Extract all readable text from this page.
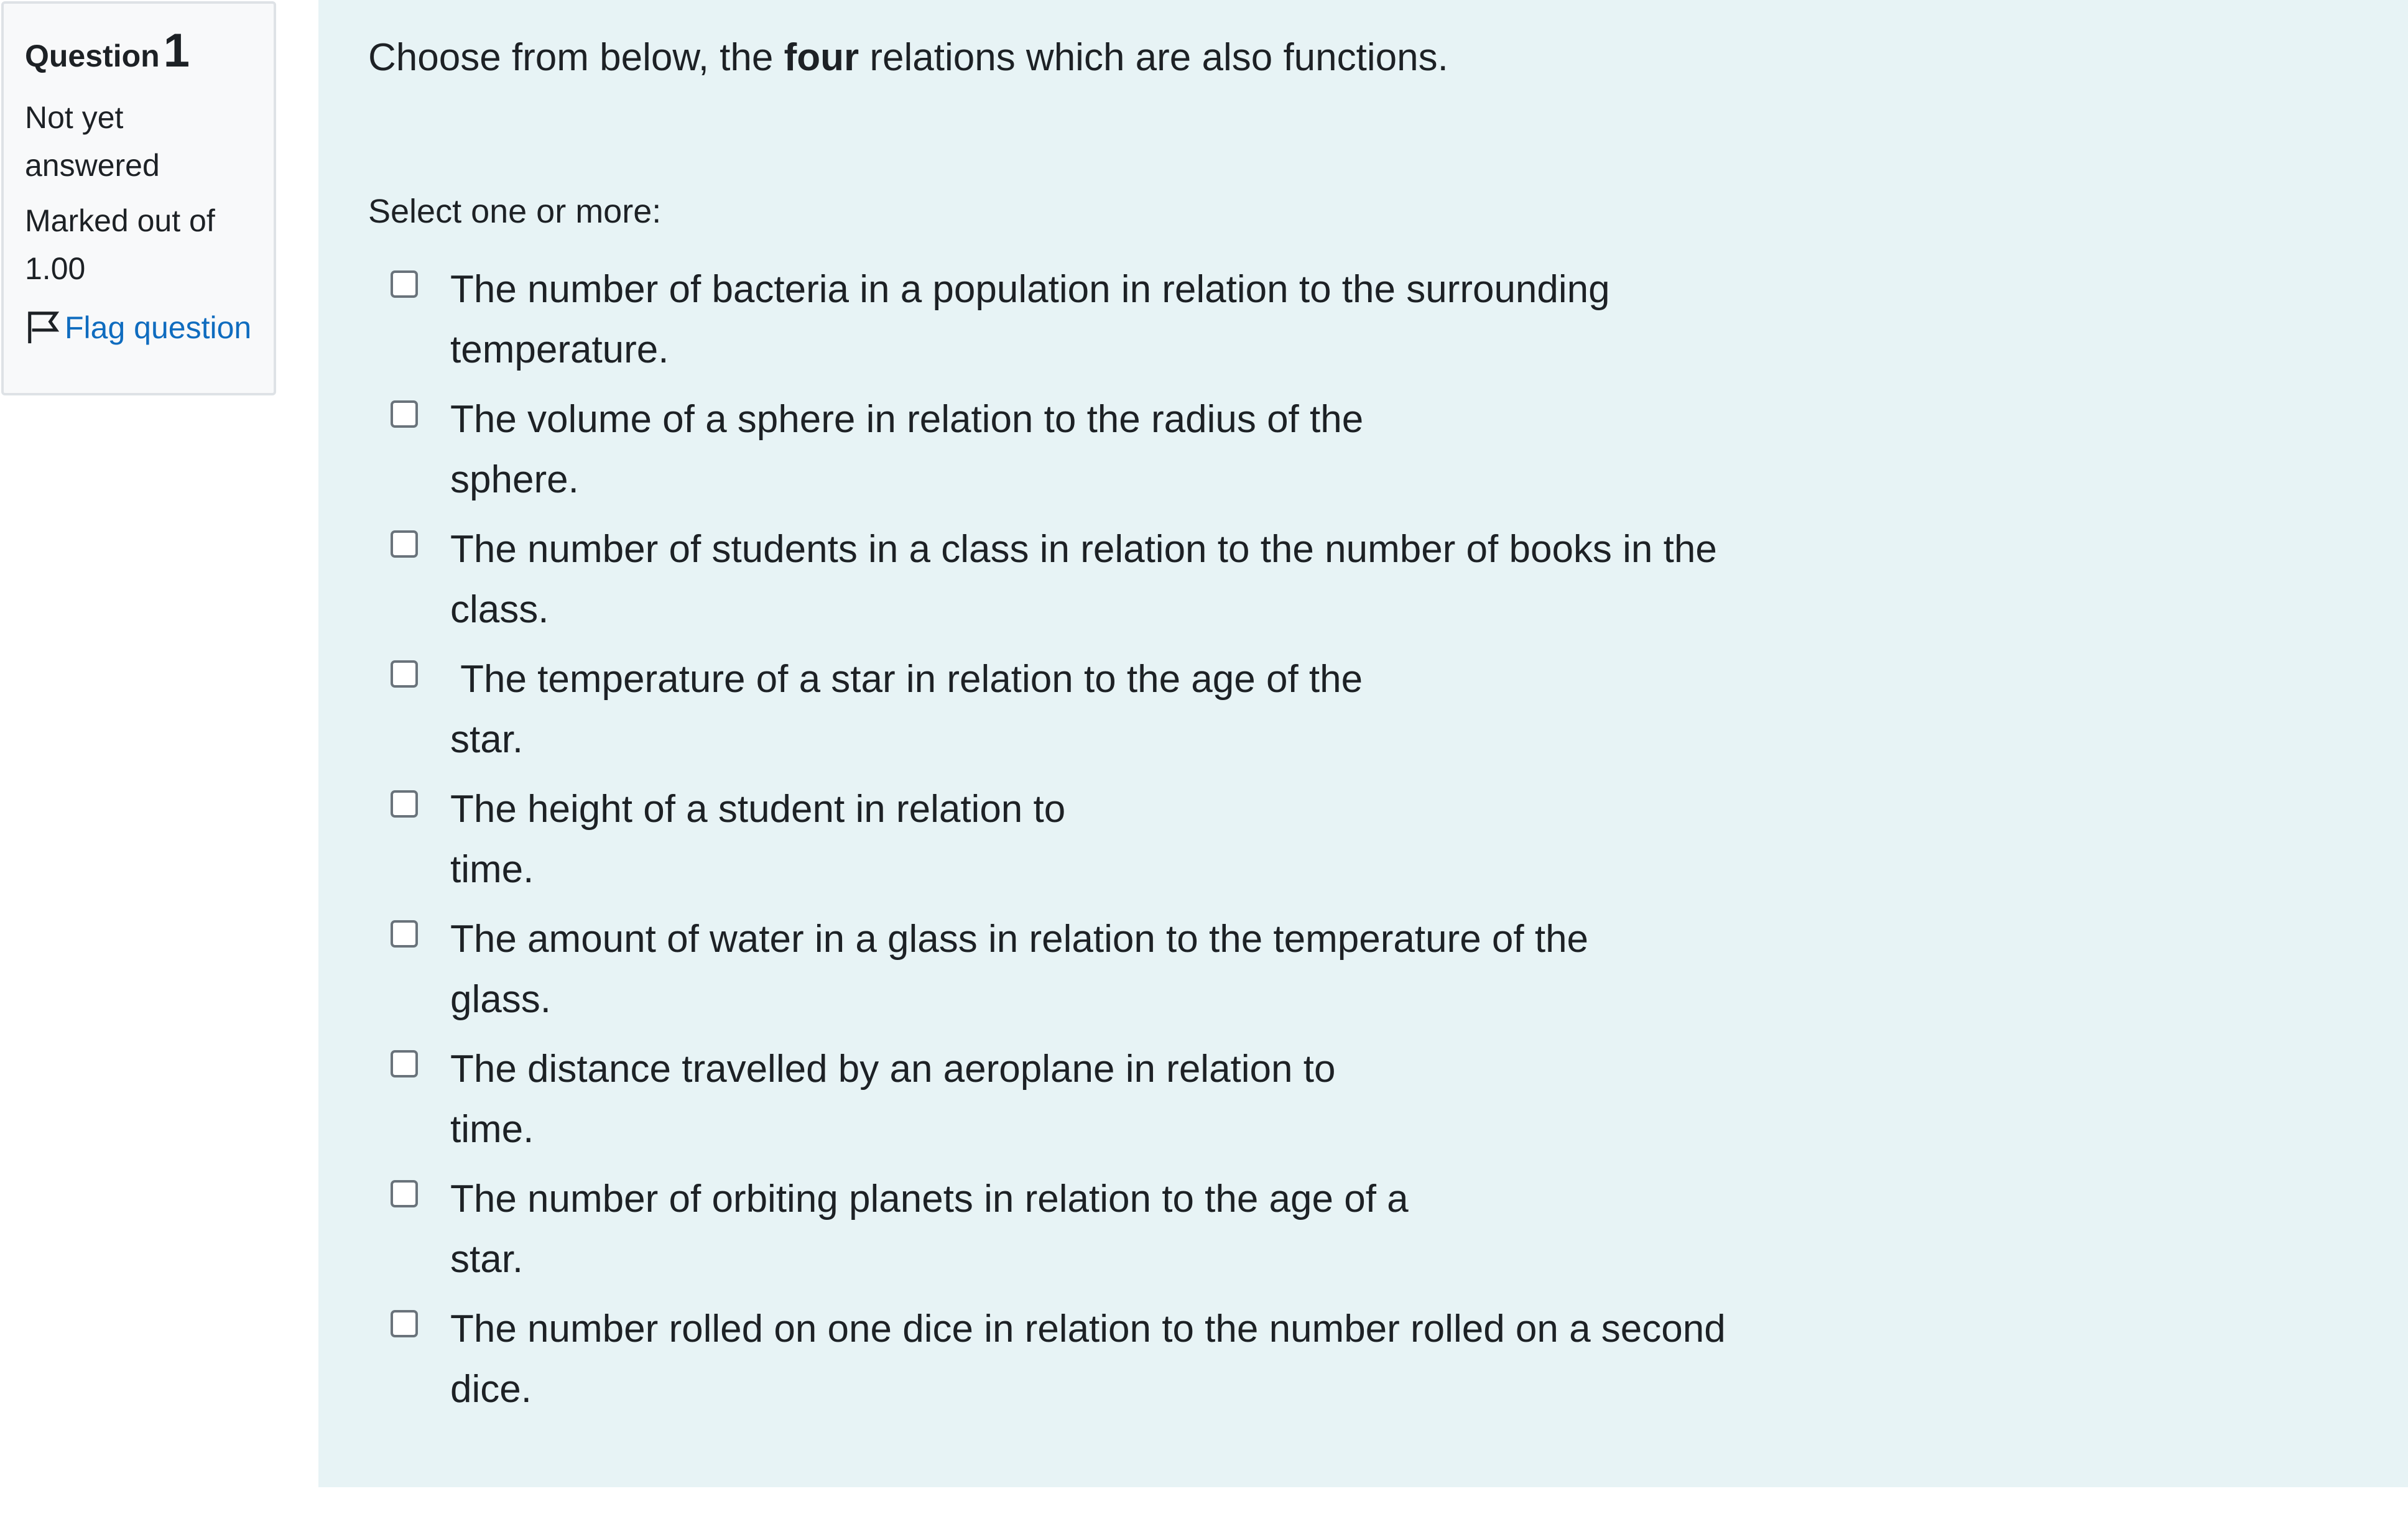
Question1
Not yet answered
Marked out of 1.00
Flag question

Choose from below, the four relations which are also functions.

Select one or more:
The number of bacteria in a population in relation to the surrounding
temperature.
The volume of a sphere in relation to the radius of the
sphere.
The number of students in a class in relation to the number of books in the
class.
The temperature of a star in relation to the age of the
star.
The height of a student in relation to
time.
The amount of water in a glass in relation to the temperature of the
glass.
The distance travelled by an aeroplane in relation to
time.
The number of orbiting planets in relation to the age of a
star.
The number rolled on one dice in relation to the number rolled on a second
dice.
